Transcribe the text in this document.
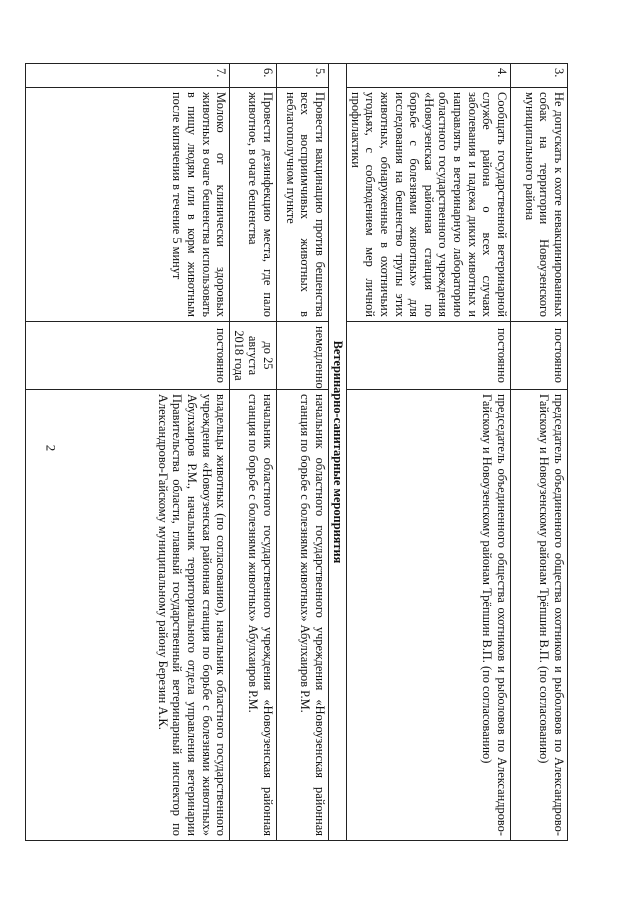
2
3.	Не допускать к охоте невакцинированных собак на территории Новоузенского муниципального района	постоянно	председатель объединенного общества охотников и рыболовов по Александрово-Гайскому и Новоузенскому районам Трёпшин В.П. (по согласованию)
4.	Сообщать государственной ветеринарной службе района о всех случаях заболевания и падежа диких животных и направлять в ветеринарную лабораторию областного государственного учреждения «Новоузенская районная станция по борьбе с болезнями животных» для исследования на бешенство трупы этих животных, обнаруженные в охотничьих угодьях, с соблюдением мер личной профилактики	постоянно	председатель объединенного общества охотников и рыболовов по Александрово-Гайскому и Новоузенскому районам Трёпшин В.П. (по согласованию)
Ветеринарно-санитарные мероприятия			
5.	Провести вакцинацию против бешенства всех восприимчивых животных в неблагополучном пункте	немедленно	начальник областного государственного учреждения «Новоузенская районная станция по борьбе с болезнями животных» Абулхаиров Р.М.
6.	Провести дезинфекцию места, где пало животное, в очаге бешенства	до 25 августа 2018 года	начальник областного государственного учреждения «Новоузенская районная станция по борьбе с болезнями животных» Абулхаиров Р.М.
7.	Молоко от клинически здоровых животных в очаге бешенства использовать в пищу людям или в корм животным после кипячения в течение 5 минут	постоянно	владельцы животных (по согласованию), начальник областного государственного учреждения «Новоузенская районная станция по борьбе с болезнями животных» Абулхаиров Р.М., начальник территориального отдела управления ветеринарии Правительства области, главный государственный ветеринарный инспектор по Александрово-Гайскому муниципальному району Березин А.К.
